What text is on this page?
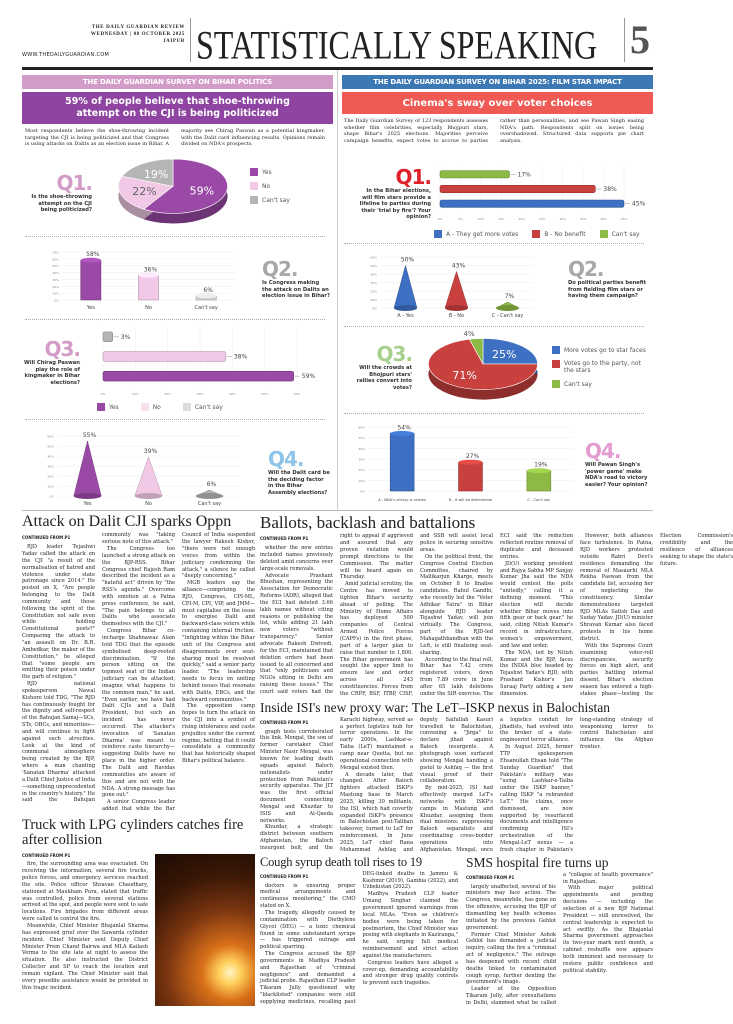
THE DAILY GUARDIAN REVIEW
WEDNESDAY | 08 OCTOBER 2025
JAIPUR
WWW.THEDAILYGUARDIAN.COM	STATISTICALLY SPEAKING 5
THE DAILY GUARDIAN SURVEY ON BIHAR POLITICS
59% of people believe that shoe-throwing attempt on the CJI is being politicized
Most respondents believe the shoe-throwing incident targeting the CJI is being politicized and that Congress is using attacks on Dalits as an election issue in Bihar. A majority see Chirag Paswan as a potential kingmaker, with the Dalit card influencing results. Opinions remain divided on NDA's prospects.
Q1.
Is the shoe-throwing attempt on the CJI being politicized?
59%
22%
19%	Yes
No
Can't say
0%
10%
20%
30%
40%
50%
60%
70%	58%
Yes
36%
No
6%
Can't say
Q2.
Is Congress making the attack on Dalits an election issue in Bihar?
Q3.
Will Chirag Paswan play the role of kingmaker in Bihar elections?
0%	10%	20%	30%	40%	50%	60%
3%
38%
59%
Yes	No	Can't say
0%
10%
20%
30%
40%
50%
60%	55%
Yes
39%
No
6%
Can't say
Q4.
Will the Dalit card be the deciding factor in the Bihar Assembly elections?
THE DAILY GUARDIAN SURVEY ON BIHAR 2025: FILM STAR IMPACT
Cinema's sway over voter choices
The Daily Guardian Survey of 123 respondents assesses whether film celebrities, especially Bhojpuri stars, shape Bihar's 2025 elections. Majorities perceive campaign benefits, expect votes to accrue to parties rather than personalities, and see Pawan Singh easing NDA's path. Respondents split on issues being overshadowed. Structured data supports pie chart analysis.
Q1.
In the Bihar elections, will film stars provide a lifeline to parties during their 'trial by fire'? Your opinion? 0%	5%	10%	15%	20%	25%	30%	35%	40%	45%
17%
38%
45%
A - They get more votes	B - No benefit	Can't say
0%
10%
20%
30%
40%
50%
60%	50%
A - Yes
43%
B - No
7%
C - Can't say
Q2.
Do political parties benefit from fielding film stars or having them campaign?
Q3.
Will the crowds at Bhojpuri stars' rallies convert into votes?
25%
71%
4%
More votes go to star faces
Votes go to the party, not the stars
Can't say
0%
10%
20%
30%
40%
50%
60%	54%
A - NDA's victory is certain
27%
B - It will be detrimental
19%
C - Can't say
Q4.
Will Pawan Singh's 'power game' make NDA's road to victory easier? Your opinion?
Attack on Dalit CJI sparks Oppn
CONTINUED FROM P1

RJD leader Tejashwi Yadav called the attack on the CJI "a result of the normalisation of hatred and violence under state patronage since 2014." He posted on X, "Are people belonging to the Dalit community and those following the spirit of the Constitution not safe even while holding Constitutional posts?" Comparing the attack to "an assault on Dr. B.R. Ambedkar, the maker of the Constitution," he alleged that "some people are emitting their poison under the garb of religion."

RJD national spokesperson Nawal Kishore told TDG, "The RJD has continuously fought for the dignity and self-respect of the Bahujan Samaj—SCs, STs, OBCs, and minorities—and will continue to fight against such atrocities. Look at the kind of communal atmosphere being created by the BJP, where a man chanting 'Sanatan Dharma' attacked a Dalit Chief Justice of India—something unprecedented in the country's history." He said the Bahujan community was "taking serious note of this attack."

The Congress too launched a strong attack on the BJP-RSS. Bihar Congress chief Rajesh Ram described the incident as a "hateful act" driven by "the RSS's agenda." Overcome with emotion at a Patna press conference, he said, "The pain belongs to all Dalits who associate themselves with the CJI."

Congress Bihar co-incharge Shahnawaz Alam told TDG that the episode symbolised deep-rooted discrimination. "If the person sitting on the topmost seat of the Indian judiciary can be attacked, imagine what happens to the common man," he said. "Even earlier, we have had Dalit CJIs and a Dalit President, but such an incident has never occurred. The attacker's invocation of 'Sanatan Dharma' was meant to reinforce caste hierarchy—suggesting Dalits have no place in the higher order. The Dalit and Ravidas communities are aware of this and are not with the NDA. A strong message has gone out."

A senior Congress leader added that while the Bar Council of India suspended the lawyer Rakesh Kishor, "there were not enough voices from within the judiciary condemning the attack," a silence he called "deeply concerning."

MGB leaders say the alliance—comprising the RJD, Congress, CPI-ML, CPI-M, CPI, VIP, and JMM—must capitalise on the issue to energise Dalit and backward-class voters while containing internal friction. "Infighting within the Bihar unit of the Congress and disagreements over seat-sharing must be resolved quickly," said a senior party leader. "The leadership needs to focus on uniting behind issues that resonate with Dalits, EBCs, and the backward communities."

The opposition camp hopes to turn the attack on the CJI into a symbol of rising intolerance and caste prejudice under the current regime, betting that it could consolidate a community that has historically shaped Bihar's political balance.

Ballots, backlash and battalions
CONTINUED FROM P1

whether the new entries included names previously deleted amid concerns over large-scale removals.

Advocate Prashant Bhushan, representing the Association for Democratic Reforms (ADR), alleged that the ECI had deleted 3.66 lakh names without citing reasons or publishing the list, while adding 21 lakh new voters "without transparency." Senior advocate Rakesh Dwivedi, for the ECI, maintained that deletion orders had been issued to all concerned and that "only politicians and NGOs sitting in Delhi are raising these issues." The court said voters had the right to appeal if aggrieved and assured that any proven violation would prompt directions to the Commission. The matter will be heard again on Thursday.

Amid judicial scrutiny, the Centre has moved to tighten Bihar's security ahead of polling. The Ministry of Home Affairs has deployed 500 companies of Central Armed Police Forces (CAPFs) in the first phase, part of a larger plan to raise that number to 1,800. The Bihar government has sought the upper limit to ensure law and order across all 243 constituencies. Forces from the CRPF, BSF, ITBP, CISF, and SSB will assist local police in securing sensitive areas.

On the political front, the Congress Central Election Committee, chaired by Mallikarjun Kharge, meets on October 8 to finalise candidates. Rahul Gandhi, who recently led the "Voter Adhikar Yatra" in Bihar alongside RJD leader Tejashwi Yadav, will join virtually. The Congress, part of the RJD-led Mahagathbandhan with the Left, is still finalising seat-sharing.

According to the final roll, Bihar has 7.42 crore registered voters, down from 7.89 crore in June after 65 lakh deletions under the SIR exercise. The ECI said the reduction reflected routine removal of duplicate and deceased entries.

JD(U) working president and Rajya Sabha MP Sanjay Kumar Jha said the NDA would contest the polls "unitedly," calling it a defining moment. "This election will decide whether Bihar moves into fifth gear or back gear," he said, citing Nitish Kumar's record in infrastructure, women's empowerment, and law and order.

The NDA, led by Nitish Kumar and the BJP, faces the INDIA bloc headed by Tejashwi Yadav's RJD, with Prashant Kishor's Jan Suraaj Party adding a new dimension.

However, both alliances face turbulence. In Patna, RJD workers protested outside Rabri Devi's residence demanding the removal of Masaurhi MLA Rekha Paswan from the candidate list, accusing her of neglecting the constituency. Similar demonstrations targeted RJD MLAs Satish Das and Suday Yadav. JD(U) minister Shravan Kumar also faced protests in his home district.

With the Supreme Court examining voter-roll discrepancies, security forces on high alert, and parties battling internal dissent, Bihar's election season has entered a high-stakes phase—testing the Election Commission's credibility and the resilience of alliances seeking to shape the state's future.

Inside ISI's new proxy war: The LeT–ISKP nexus in Balochistan
CONTINUED FROM P1

graph tests corroborated this link. Mengal, the son of former caretaker Chief Minister Nasir Mengal, was known for leading death squads against Baloch nationalists under protection from Pakistan's security apparatus. The JIT was the first official document connecting Mengal and Khuzdar to ISIS and Al-Qaeda networks.

Khuzdar, a strategic district between southern Afghanistan, the Baloch insurgent belt, and the Karachi highway, served as a perfect logistics hub for terror operations. In the early 2000s, Lashkar-e-Taiba (LeT) maintained a camp near Quetta, but no operational connection with Mengal existed then.

A decade later, that changed. After Baloch fighters attacked ISKP's Mastung base in March 2025, killing 30 militants, the ISI, which had covertly expanded ISKP's presence in Balochistan post-Taliban takeover, turned to LeT for reinforcement. In June 2025, LeT chief Rana Mohammad Ashfaq and deputy Saifullah Kasuri travelled to Balochistan, convening a "Jirga" to declare jihad against Baloch insurgents. A photograph soon surfaced showing Mengal handing a pistol to Ashfaq — the first visual proof of their collaboration.

By mid-2025, ISI had effectively merged LeT's networks with ISKP's camps in Mastung and Khuzdar, assigning them dual missions: suppressing Baloch separatists and coordinating cross-border operations into Afghanistan. Mengal, once a logistics conduit for jihadists, had evolved into the broker of a state-engineered terror alliance.

In August 2025, former TTP spokesperson Ehsanullah Ehsan told "The Sunday Guardian" that Pakistan's military was "using Lashkar-e-Taiba under the ISKP banner," calling ISKP "a rebranded LeT." His claims, once dismissed, are now supported by resurfaced documents and intelligence confirming ISI's orchestration of the Mengal-LeT nexus — a fresh chapter in Pakistan's long-standing strategy of weaponising terror to control Balochistan and influence the Afghan frontier.

Truck with LPG cylinders catches fire after collision
CONTINUED FROM P1

fire, the surrounding area was evacuated. On receiving the information, several fire trucks, police forces, and emergency services reached the site. Police officer Shravan Chaudhary, stationed at Maukham Pura, stated that traffic was controlled, police from several stations arrived at the spot, and people were sent to safe locations. Fire brigades from different areas were called to control the fire.

Meanwhile, Chief Minister Bhajanlal Sharma has expressed grief over the Sawarda cylinder incident. Chief Minister sent Deputy Chief Minister Prem Chand Bairwa and MLA Kailash Verma to the site late at night to assess the situation. He also instructed the District Collector and SP to reach the location and remain vigilant. The Chief Minister said that every possible assistance would be provided in this tragic incident.

Cough syrup death toll rises to 19
CONTINUED FROM P1

doctors is ensuring proper medical arrangements and continuous monitoring," the CMO stated on X.

The tragedy, allegedly caused by contamination with Diethylene Glycol (DEG) — a toxic chemical found in some substandard syrups — has triggered outrage and political sparring.

The Congress accused the BJP governments in Madhya Pradesh and Rajasthan of "criminal negligence" and demanded a judicial probe. Rajasthan CLP leader Tikaram Jully questioned why "blacklisted" companies were still supplying medicines, recalling past DEG-linked deaths in Jammu & Kashmir (2019), Gambia (2022), and Uzbekistan (2022).

Madhya Pradesh CLP leader Umang Singhar claimed the government ignored warnings from local MLAs. "Even as children's bodies were being taken for postmortem, the Chief Minister was posing with elephants in Kaziranga," he said, urging full medical reimbursement and strict action against the manufacturers.

Congress leaders have alleged a cover-up, demanding accountability and stronger drug quality controls to prevent such tragedies.

SMS hospital fire turns up
CONTINUED FROM P1

largely unaffected, several of his ministers may face action. The Congress, meanwhile, has gone on the offensive, accusing the BJP of dismantling key health schemes initiated by the previous Gehlot government.

Former Chief Minister Ashok Gehlot has demanded a judicial inquiry, calling the fire a "criminal act of negligence." The outrage has deepened with recent child deaths linked to contaminated cough syrup, further denting the government's image.

Leader of the Opposition Tikaram Jully, after consultations in Delhi, slammed what he called a "collapse of health governance" in Rajasthan.

With major political appointments and pending decisions — including the selection of a new BJP National President — still unresolved, the central leadership is expected to act swiftly. As the Bhajanlal Sharma government approaches its two-year mark next month, a cabinet reshuffle now appears both imminent and necessary to restore public confidence and political stability.
